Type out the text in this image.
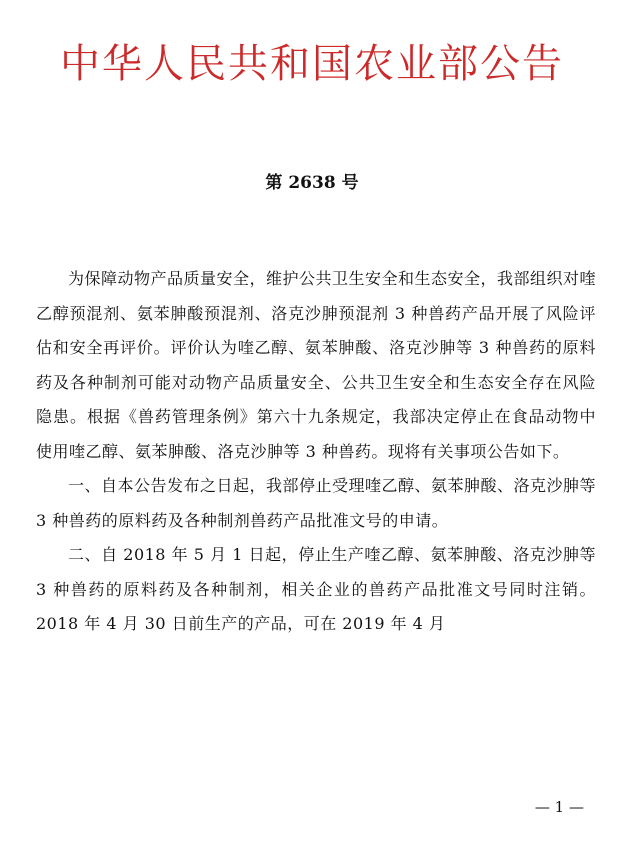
中华人民共和国农业部公告
第 2638 号

为保障动物产品质量安全，维护公共卫生安全和生态安全，我部组织对喹乙醇预混剂、氨苯胂酸预混剂、洛克沙胂预混剂 3 种兽药产品开展了风险评估和安全再评价。评价认为喹乙醇、氨苯胂酸、洛克沙胂等 3 种兽药的原料药及各种制剂可能对动物产品质量安全、公共卫生安全和生态安全存在风险隐患。根据《兽药管理条例》第六十九条规定，我部决定停止在食品动物中使用喹乙醇、氨苯胂酸、洛克沙胂等 3 种兽药。现将有关事项公告如下。

一、自本公告发布之日起，我部停止受理喹乙醇、氨苯胂酸、洛克沙胂等 3 种兽药的原料药及各种制剂兽药产品批准文号的申请。

二、自 2018 年 5 月 1 日起，停止生产喹乙醇、氨苯胂酸、洛克沙胂等 3 种兽药的原料药及各种制剂，相关企业的兽药产品批准文号同时注销。2018 年 4 月 30 日前生产的产品，可在 2019 年 4 月

— 1 —
